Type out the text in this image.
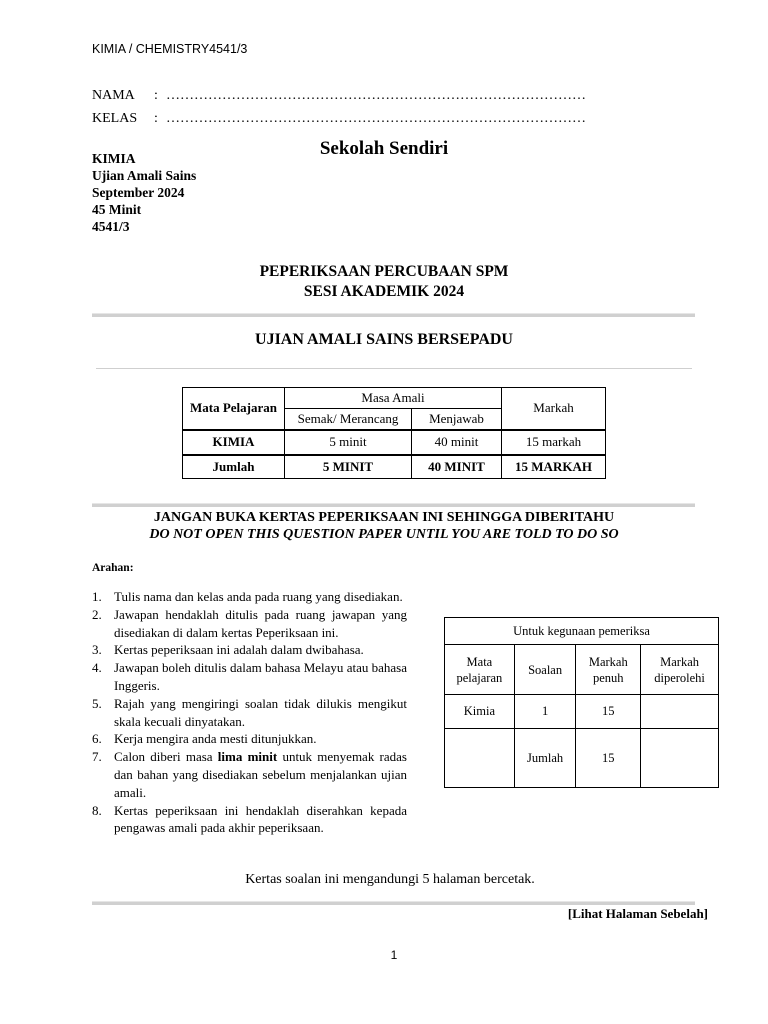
KIMIA / CHEMISTRY4541/3
NAMA : ………………………………………………………………………………
KELAS : ………………………………………………………………………………
Sekolah Sendiri
KIMIA
Ujian Amali Sains
September 2024
45 Minit
4541/3
PEPERIKSAAN PERCUBAAN SPM
SESI AKADEMIK 2024
UJIAN AMALI SAINS BERSEPADU
Mata Pelajaran	Masa Amali		Markah
	Semak/ Merancang	Menjawab	
KIMIA	5 minit	40 minit	15 markah
Jumlah	5 MINIT	40 MINIT	15 MARKAH
JANGAN BUKA KERTAS PEPERIKSAAN INI SEHINGGA DIBERITAHU
DO NOT OPEN THIS QUESTION PAPER UNTIL YOU ARE TOLD TO DO SO
Arahan:
1. Tulis nama dan kelas anda pada ruang yang disediakan.
2. Jawapan hendaklah ditulis pada ruang jawapan yang disediakan di dalam kertas Peperiksaan ini.
3. Kertas peperiksaan ini adalah dalam dwibahasa.
4. Jawapan boleh ditulis dalam bahasa Melayu atau bahasa Inggeris.
5. Rajah yang mengiringi soalan tidak dilukis mengikut skala kecuali dinyatakan.
6. Kerja mengira anda mesti ditunjukkan.
7. Calon diberi masa lima minit untuk menyemak radas dan bahan yang disediakan sebelum menjalankan ujian amali.
8. Kertas peperiksaan ini hendaklah diserahkan kepada pengawas amali pada akhir peperiksaan.
Untuk kegunaan pemeriksa			
Mata pelajaran	Soalan	Markah penuh	Markah diperolehi
Kimia	1	15	
	Jumlah	15	
Kertas soalan ini mengandungi 5 halaman bercetak.
[Lihat Halaman Sebelah]
1
